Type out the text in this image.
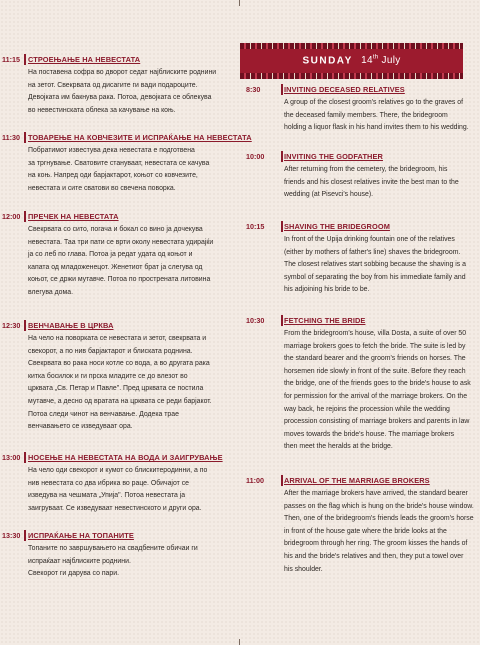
SUNDAY 14th July
11:15 СТРОЕЊАЊЕ НА НЕВЕСТАТА
На поставена софра во дворот седат најблиските роднини
на зетот. Свекрвата од дисагите ги вади подароците.
Девојката им бакнува рака. Потоа, девојката се облекува
во невестинската облека за качување на коњ.
11:30 ТОВАРЕЊЕ НА КОВЧЕЗИТЕ И ИСПРАЌАЊЕ НА НЕВЕСТАТА
Побратимот известува дека невестата е подготвена
за тргнување. Сватовите стануваат, невестата се качува
на коњ. Напред оди барјактарот, коњот со ковчезите,
невестата и сите сватови во свечена поворка.
12:00 ПРЕЧЕК НА НЕВЕСТАТА
Свекрвата со сито, погача и бокал со вино ја дочекува
невестата. Таа три пати се врти околу невестата удирајќи
ја со леб по глава. Потоа ја редат удата од коњот и
капата од младоженецот. Женетиот брат ја слегува од
коњот, се држи мутавче. Потоа по прострената литовина
влегува дома.
12:30 ВЕНЧАВАЊЕ В ЦРКВА
На чело на поворката се невестата и зетот, свекрвата и
свекорот, а по нив барјактарот и блиската роднина.
Свекрвата во рака носи котле со вода, а во другата рака
китка босилок и ги прска младите се до влезот во
црквата „Св. Петар и Павле". Пред црквата се постила
мутавче, а десно од вратата на црквата се реди барјакот.
Потоа следи чинот на венчавање. Додека трае
венчавањето се изведуваат ора.
13:00 НОСЕЊЕ НА НЕВЕСТАТА НА ВОДА И ЗАИГРУВАЊЕ
На чело оди свекорот и кумот со блискитеродинни, а по
нив невестата со два ибрика во раце. Обичајот се
изведува на чешмата „Упија". Потоа невестата ја
заигруваат. Се изведуваат невестинското и други ора.
13:30 ИСПРАЌАЊЕ НА ТОПАНИТЕ
Топаните по завршувањето на свадбените обичаи ги
испраќаат најблиските роднини.
Свекорот ги дарува со пари.
8:30	INVITING DECEASED RELATIVES
A group of the closest groom's relatives go to the graves of
the deceased family members. There, the bridegroom
holding a liquor flask in his hand invites them to his wedding.
10:00	INVITING THE GODFATHER
After returning from the cemetery, the bridegroom, his
friends and his closest relatives invite the best man to the
wedding (at Pisevci's house).
10:15	SHAVING THE BRIDEGROOM
In front of the Upija drinking fountain one of the relatives
(either by mothers of father's line) shaves the bridegroom.
The closest relatives start sobbing because the shaving is a
symbol of separating the boy from his immediate family and
his adjoining his bride to be.
10:30	FETCHING THE BRIDE
From the bridegroom's house, villa Dosta, a suite of over 50
marriage brokers goes to fetch the bride. The suite is led by
the standard bearer and the groom's friends on horses. The
horsemen ride slowly in front of the suite. Before they reach
the bridge, one of the friends goes to the bride's house to ask
for permission for the arrival of the marriage brokers. On the
way back, he rejoins the procession while the wedding
procession consisting of marriage brokers and parents in law
moves towards the bride's house. The marriage brokers
then meet the heralds at the bridge.
11:00	ARRIVAL OF THE MARRIAGE BROKERS
After the marriage brokers have arrived, the standard bearer
passes on the flag which is hung on the bride's house window.
Then, one of the bridegroom's friends leads the groom's horse
in front of the house gate where the bride looks at the
bridegroom through her ring. The groom kisses the hands of
his and the bride's relatives and then, they put a towel over
his shoulder.
